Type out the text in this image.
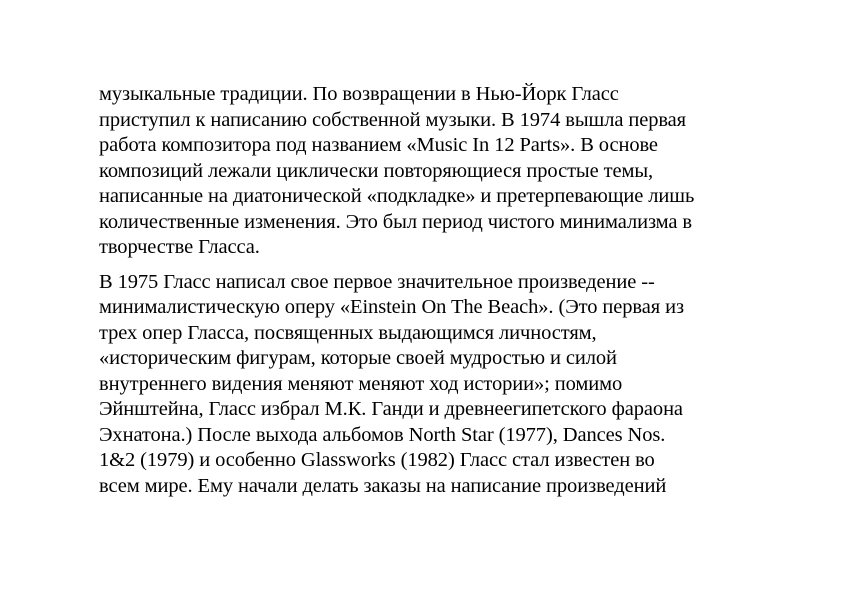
музыкальные традиции. По возвращении в Нью-Йорк Гласс
приступил к написанию собственной музыки. В 1974 вышла первая
работа композитора под названием «Music In 12 Parts». В основе
композиций лежали циклически повторяющиеся простые темы,
написанные на диатонической «подкладке» и претерпевающие лишь
количественные изменения. Это был период чистого минимализма в
творчестве Гласса.

В 1975 Гласс написал свое первое значительное произведение --
минималистическую оперу «Einstein On The Beach». (Это первая из
трех опер Гласса, посвященных выдающимся личностям,
«историческим фигурам, которые своей мудростью и силой
внутреннего видения меняют меняют ход истории»; помимо
Эйнштейна, Гласс избрал М.К. Ганди и древнеегипетского фараона
Эхнатона.) После выхода альбомов North Star (1977), Dances Nos.
1&2 (1979) и особенно Glassworks (1982) Гласс стал известен во
всем мире. Ему начали делать заказы на написание произведений
